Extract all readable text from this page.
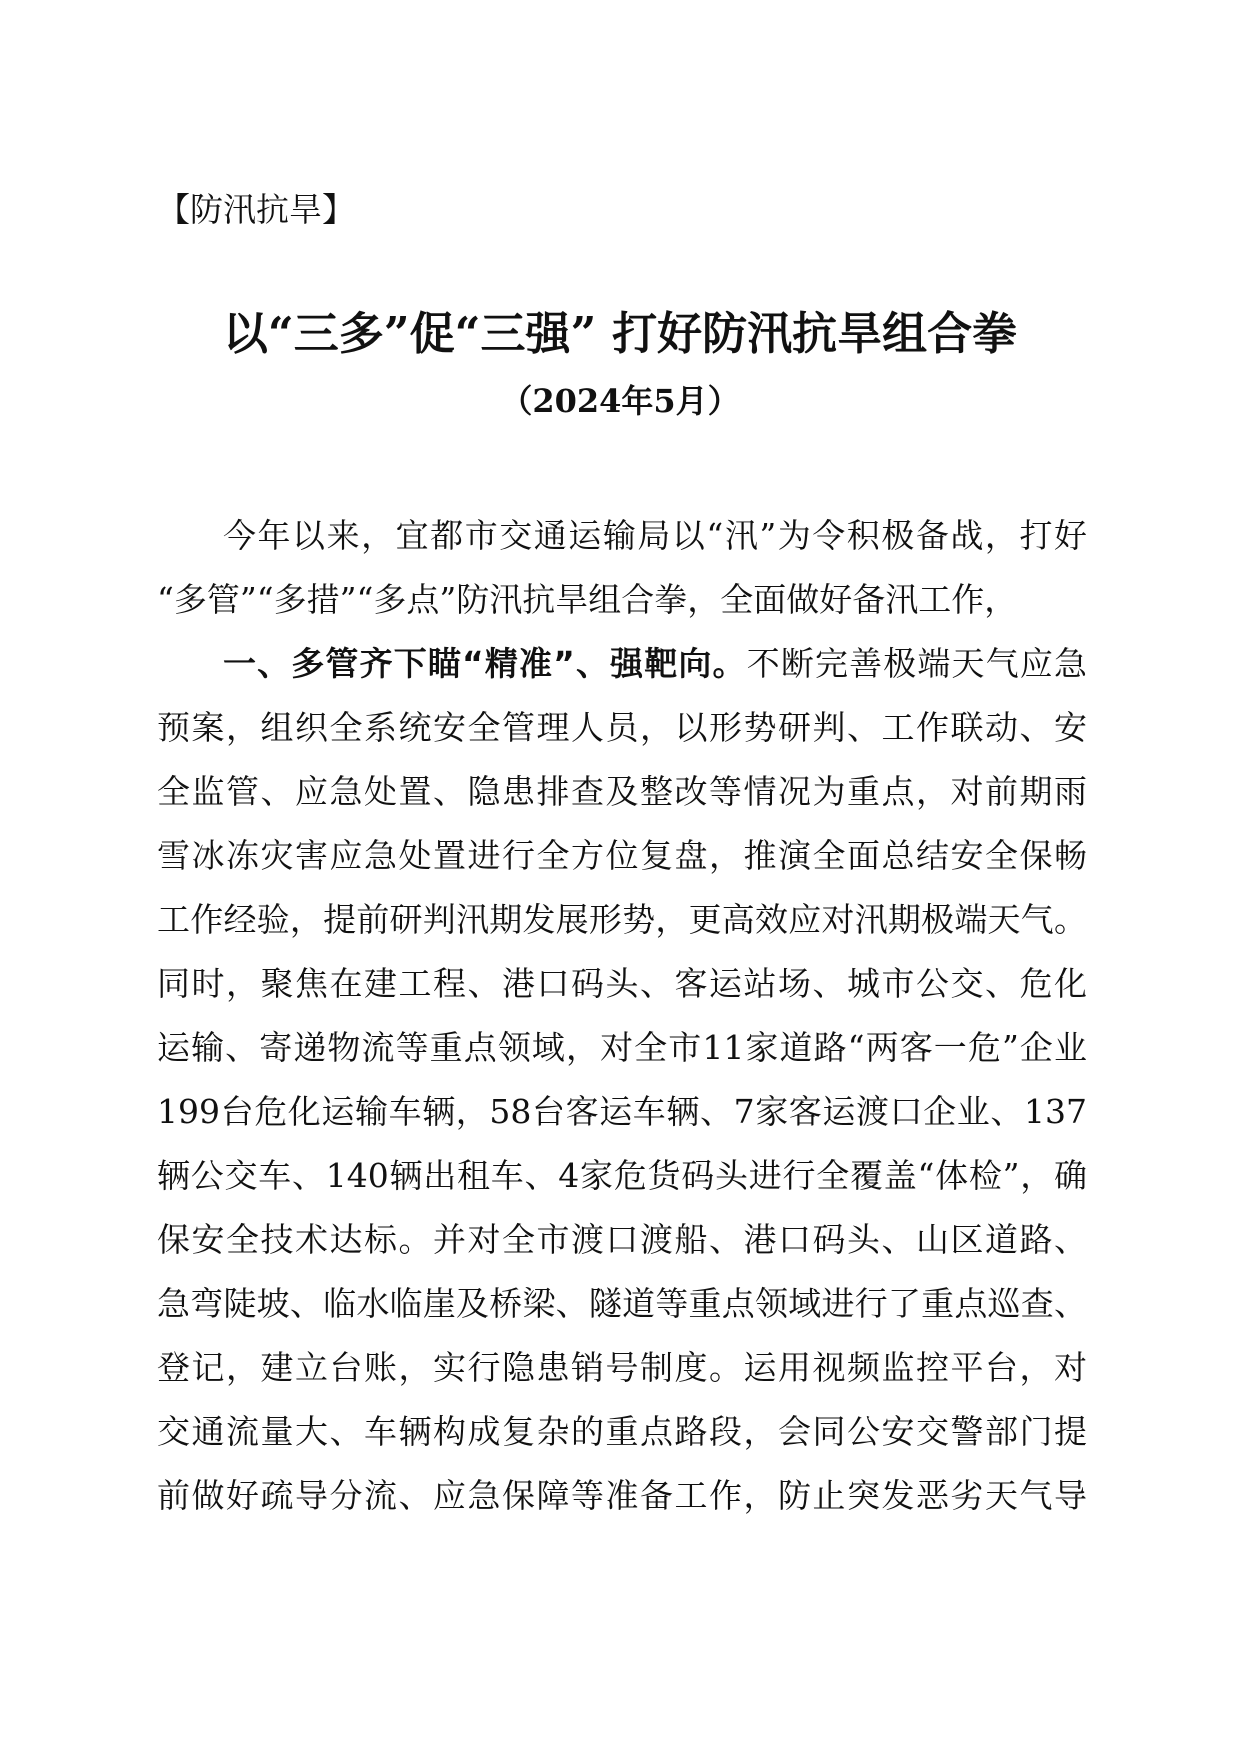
【防汛抗旱】
以“三多”促“三强” 打好防汛抗旱组合拳
（2024年5月）
今年以来，宜都市交通运输局以“汛”为令积极备战，打好
“多管”“多措”“多点”防汛抗旱组合拳，全面做好备汛工作，
一、多管齐下瞄“精准”、强靶向。不断完善极端天气应急
预案，组织全系统安全管理人员，以形势研判、工作联动、安
全监管、应急处置、隐患排查及整改等情况为重点，对前期雨
雪冰冻灾害应急处置进行全方位复盘，推演全面总结安全保畅
工作经验，提前研判汛期发展形势，更高效应对汛期极端天气。
同时，聚焦在建工程、港口码头、客运站场、城市公交、危化
运输、寄递物流等重点领域，对全市11家道路“两客一危”企业
199台危化运输车辆，58台客运车辆、7家客运渡口企业、137
辆公交车、140辆出租车、4家危货码头进行全覆盖“体检”，确
保安全技术达标。并对全市渡口渡船、港口码头、山区道路、
急弯陡坡、临水临崖及桥梁、隧道等重点领域进行了重点巡查、
登记，建立台账，实行隐患销号制度。运用视频监控平台，对
交通流量大、车辆构成复杂的重点路段，会同公安交警部门提
前做好疏导分流、应急保障等准备工作，防止突发恶劣天气导
